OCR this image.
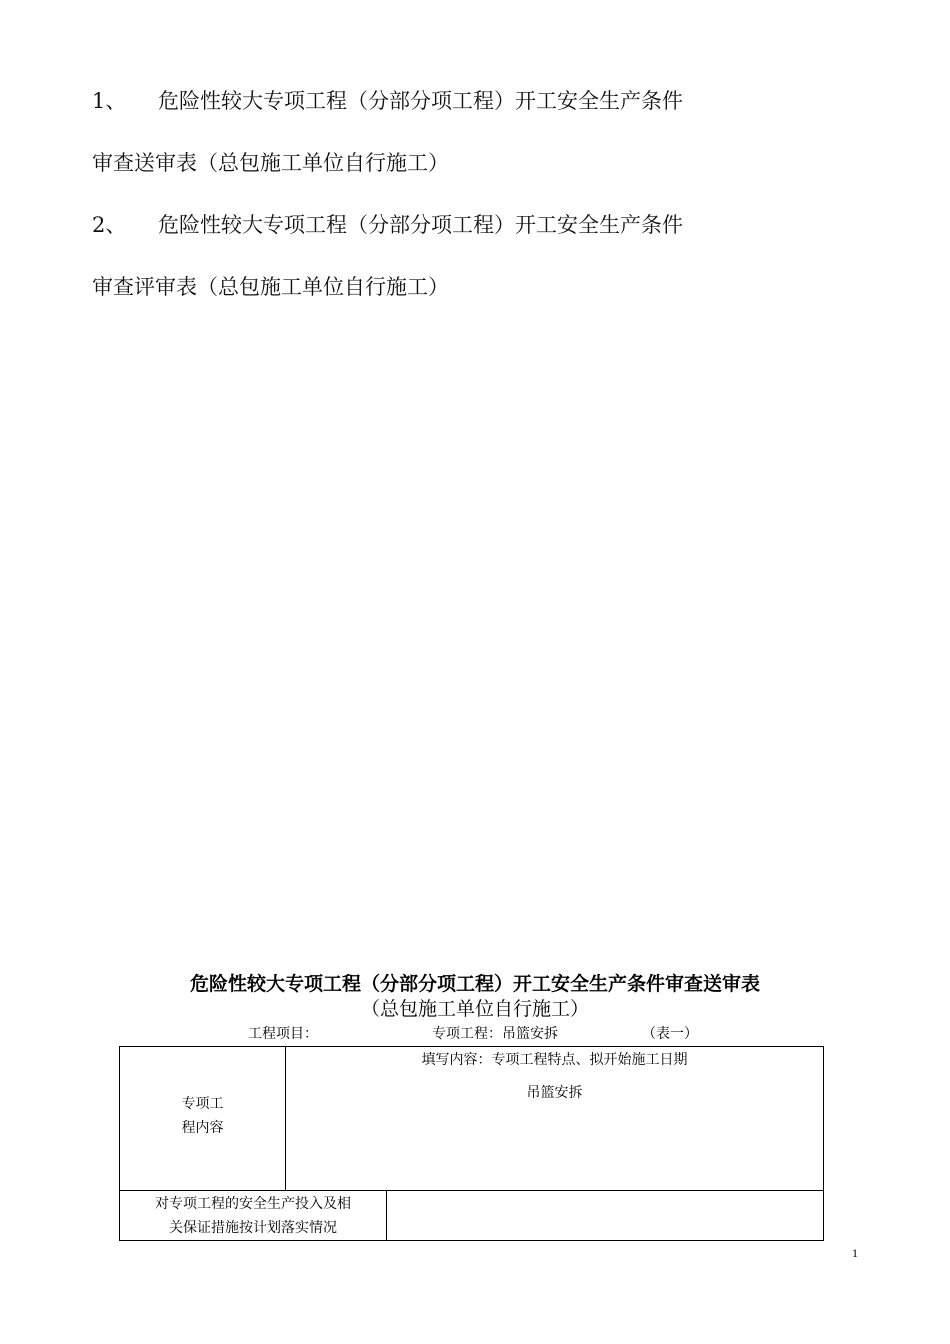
1、 危险性较大专项工程（分部分项工程）开工安全生产条件
审查送审表（总包施工单位自行施工）
2、 危险性较大专项工程（分部分项工程）开工安全生产条件
审查评审表（总包施工单位自行施工）
危险性较大专项工程（分部分项工程）开工安全生产条件审查送审表
（总包施工单位自行施工）
工程项目：	专项工程：吊篮安拆	（表一）
专项工
程内容
填写内容：专项工程特点、拟开始施工日期
吊篮安拆
对专项工程的安全生产投入及相
关保证措施按计划落实情况
1
